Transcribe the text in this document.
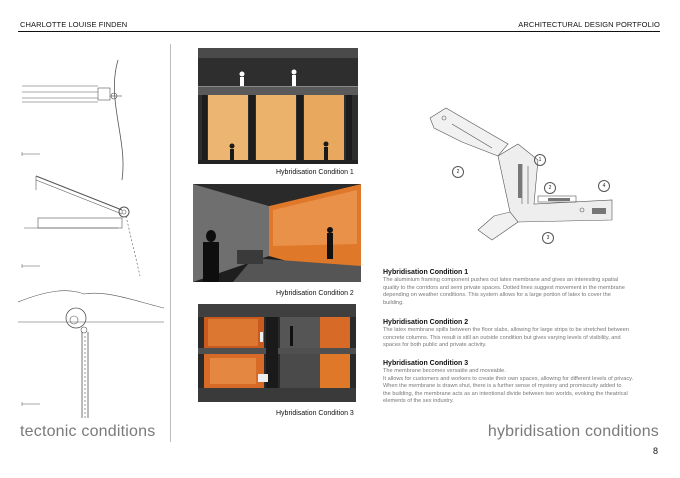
CHARLOTTE LOUISE FINDEN	ARCHITECTURAL DESIGN PORTFOLIO
tectonic conditions
Hybridisation Condition 1
Hybridisation Condition 2
Hybridisation Condition 3
1
2
2	4
3

Hybridisation Condition 1

The aluminium framing component pushes out latex membrane and gives an interesting spatial

quality to the corridors and semi private spaces. Dotted lines suggest movement in the membrane

depending on weather conditions. This system allows for a large portion of latex to cover the

building.

Hybridisation Condition 2

The latex membrane spills between the floor slabs, allowing for large strips to be stretched between

concrete columns. This result is still an outside condition but gives varying levels of visibility, and

spaces for both public and private activity.

Hybridisation Condition 3

The membrane becomes versatile and moveable.

It allows for customers and workers to create their own spaces, allowing for different levels of privacy.

When the membrane is drawn shut, there is a further sense of mystery and promiscuity added to

the building, the membrane acts as an intentional divide between two worlds, evoking the theatrical

elements of the sex industry.

hybridisation conditions
8
